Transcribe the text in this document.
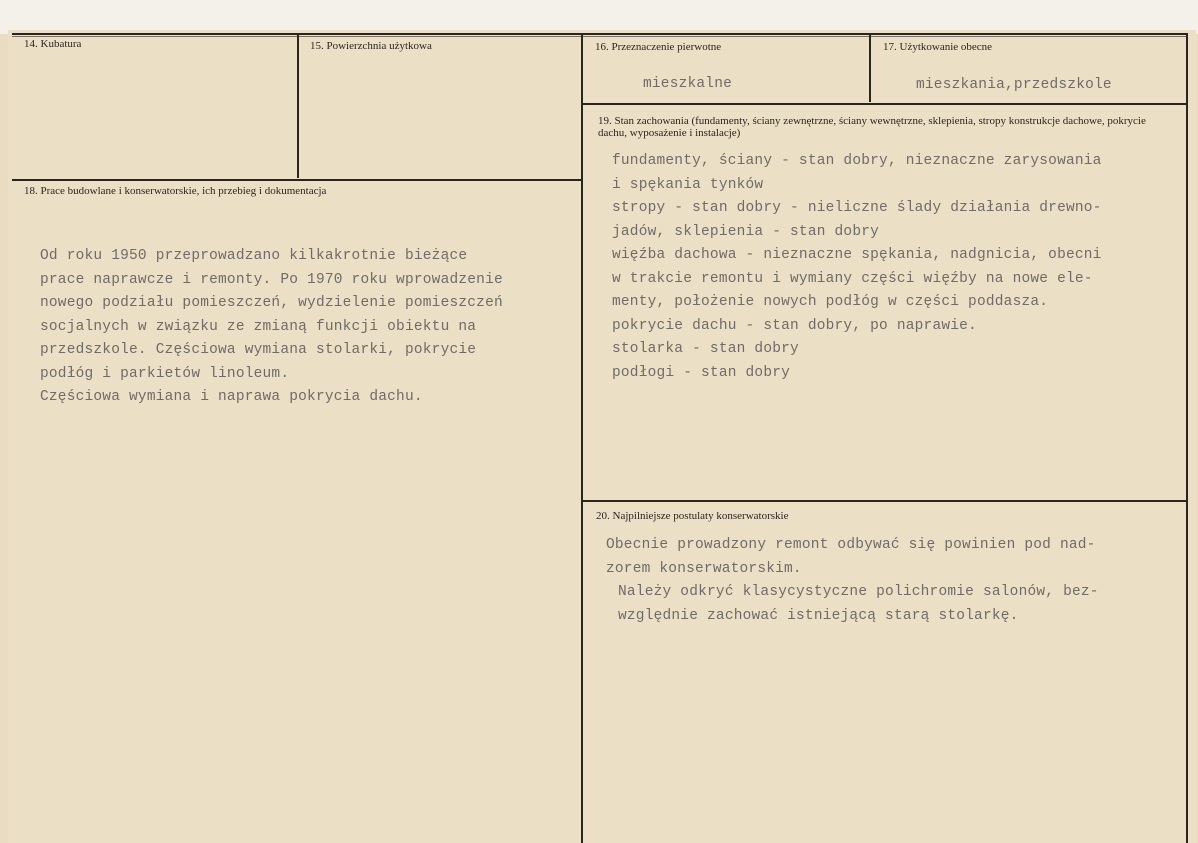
14. Kubatura	15. Powierzchnia użytkowa	16. Przeznaczenie pierwotne
mieszkalne
17. Użytkowanie obecne
mieszkania,przedszkole
18. Prace budowlane i konserwatorskie, ich przebieg i dokumentacja
Od roku 1950 przeprowadzano kilkakrotnie bieżące
prace naprawcze i remonty. Po 1970 roku wprowadzenie
nowego podziału pomieszczeń, wydzielenie pomieszczeń
socjalnych w związku ze zmianą funkcji obiektu na
przedszkole. Częściowa wymiana stolarki, pokrycie
podłóg i parkietów linoleum.
Częściowa wymiana i naprawa pokrycia dachu.
19. Stan zachowania (fundamenty, ściany zewnętrzne, ściany wewnętrzne, sklepienia, stropy konstrukcje dachowe, pokrycie dachu, wyposażenie i instalacje)
fundamenty, ściany - stan dobry, nieznaczne zarysowania
i spękania tynków
stropy - stan dobry - nieliczne ślady działania drewno-
jadów, sklepienia - stan dobry
więźba dachowa - nieznaczne spękania, nadgnicia, obecni
w trakcie remontu i wymiany części więźby na nowe ele-
menty, położenie nowych podłóg w części poddasza.
pokrycie dachu - stan dobry, po naprawie.
stolarka - stan dobry
podłogi - stan dobry
20. Najpilniejsze postulaty konserwatorskie
Obecnie prowadzony remont odbywać się powinien pod nad-
zorem konserwatorskim.
Należy odkryć klasycystyczne polichromie salonów, bez-
względnie zachować istniejącą starą stolarkę.
